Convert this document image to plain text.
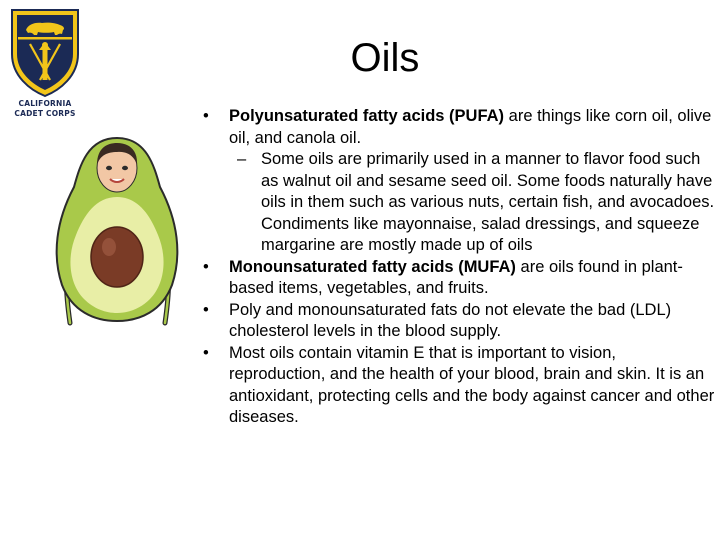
CALIFORNIA
CADET CORPS
Oils

• Polyunsaturated fatty acids (PUFA) are things like corn oil, olive oil, and canola oil.

– Some oils are primarily used in a manner to flavor food such as walnut oil and sesame seed oil. Some foods naturally have oils in them such as various nuts, certain fish, and avocadoes. Condiments like mayonnaise, salad dressings, and squeeze margarine are mostly made up of oils

• Monounsaturated fatty acids (MUFA) are oils found in plant-based items, vegetables, and fruits.

• Poly and monounsaturated fats do not elevate the bad (LDL) cholesterol levels in the blood supply.

• Most oils contain vitamin E that is important to vision, reproduction, and the health of your blood, brain and skin. It is an antioxidant, protecting cells and the body against cancer and other diseases.
